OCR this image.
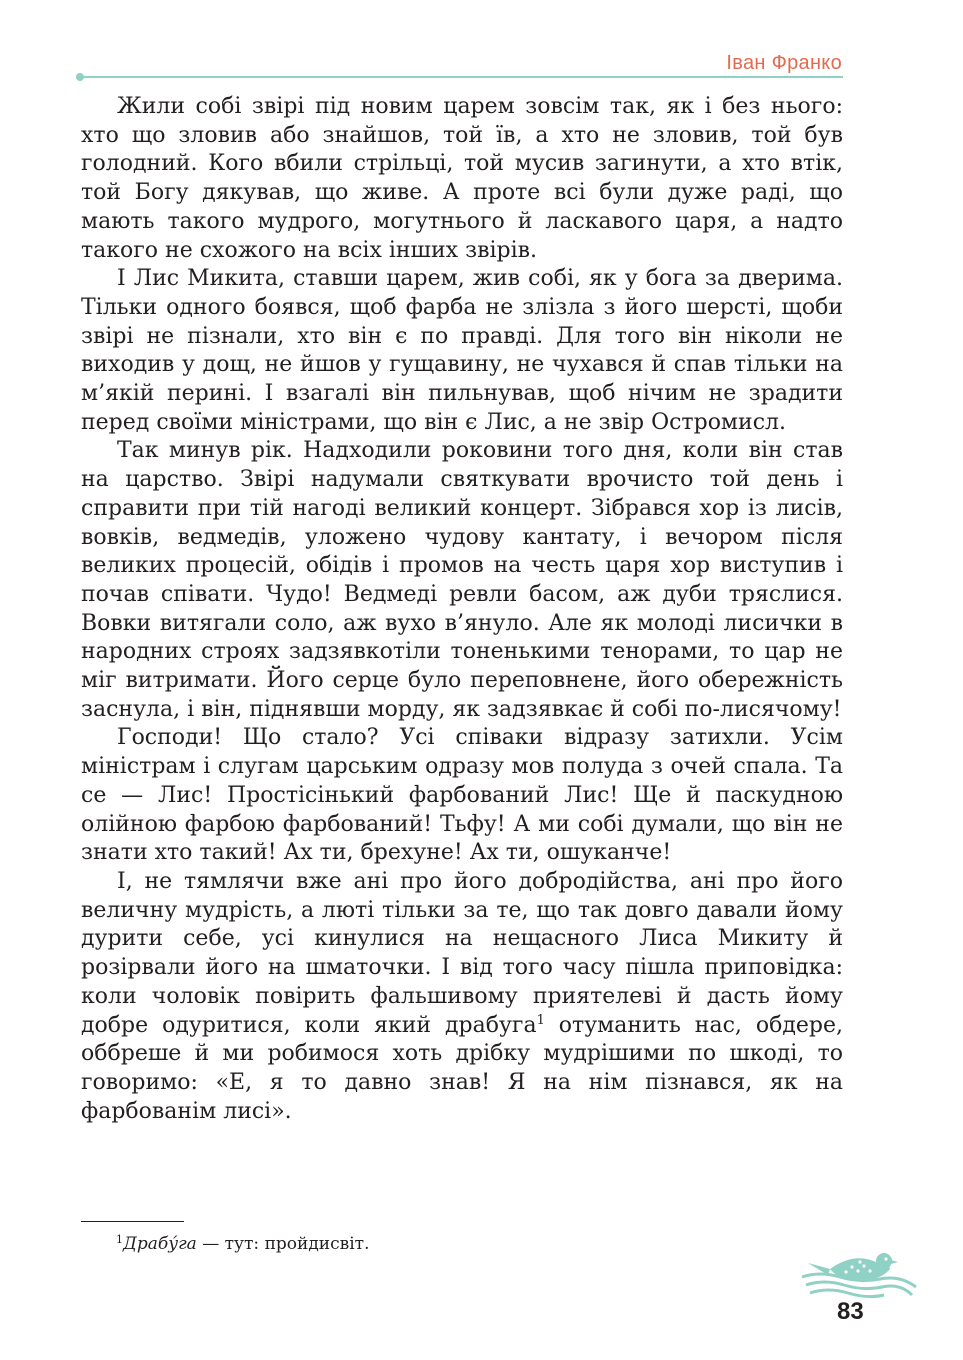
Іван Франко

Жили собі звірі під новим царем зовсім так, як і без нього: хто що зловив або знайшов, той їв, а хто не зловив, той був голодний. Кого вбили стрільці, той мусив загинути, а хто втік, той Богу дякував, що живе. А проте всі були дуже раді, що мають такого мудрого, могутнього й ласкавого царя, а надто такого не схожого на всіх інших звірів.

І Лис Микита, ставши царем, жив собі, як у бога за дверима. Тільки одного боявся, щоб фарба не злізла з його шерсті, щоби звірі не пізнали, хто він є по правді. Для того він ніколи не виходив у дощ, не йшов у гущавину, не чухався й спав тільки на м’якій перині. І взагалі він пильнував, щоб нічим не зрадити перед своїми міністрами, що він є Лис, а не звір Остромисл.

Так минув рік. Надходили роковини того дня, коли він став на царство. Звірі надумали святкувати врочисто той день і справити при тій нагоді великий концерт. Зібрався хор із лисів, вовків, ведмедів, уложено чудову кантату, і вечором після великих процесій, обідів і промов на честь царя хор виступив і почав співати. Чудо! Ведмеді ревли басом, аж дуби тряслися. Вовки витягали соло, аж вухо в’януло. Але як молоді лисички в народних строях задзявкотіли тоненькими тенорами, то цар не міг витримати. Його серце було переповнене, його обережність заснула, і він, піднявши морду, як задзявкає й собі по-лисячому!

Господи! Що стало? Усі співаки відразу затихли. Усім міністрам і слугам царським одразу мов полуда з очей спала. Та се — Лис! Простісінький фарбований Лис! Ще й паскудною олійною фарбою фарбований! Тьфу! А ми собі думали, що він не знати хто такий! Ах ти, брехуне! Ах ти, ошуканче!

І, не тямлячи вже ані про його добродійства, ані про його величну мудрість, а люті тільки за те, що так довго давали йому дурити себе, усі кинулися на нещасного Лиса Микиту й розірвали його на шматочки. І від того часу пішла приповідка: коли чоловік повірить фальшивому приятелеві й дасть йому добре одуритися, коли який драбуга$^1$ отуманить нас, обдере, оббреше й ми робимося хоть дрібку мудрішими по шкоді, то говоримо: «Е, я то давно знав! Я на нім пізнався, як на фарбованім лисі».

$^1$Драбу́га — тут: пройдисвіт.
83
